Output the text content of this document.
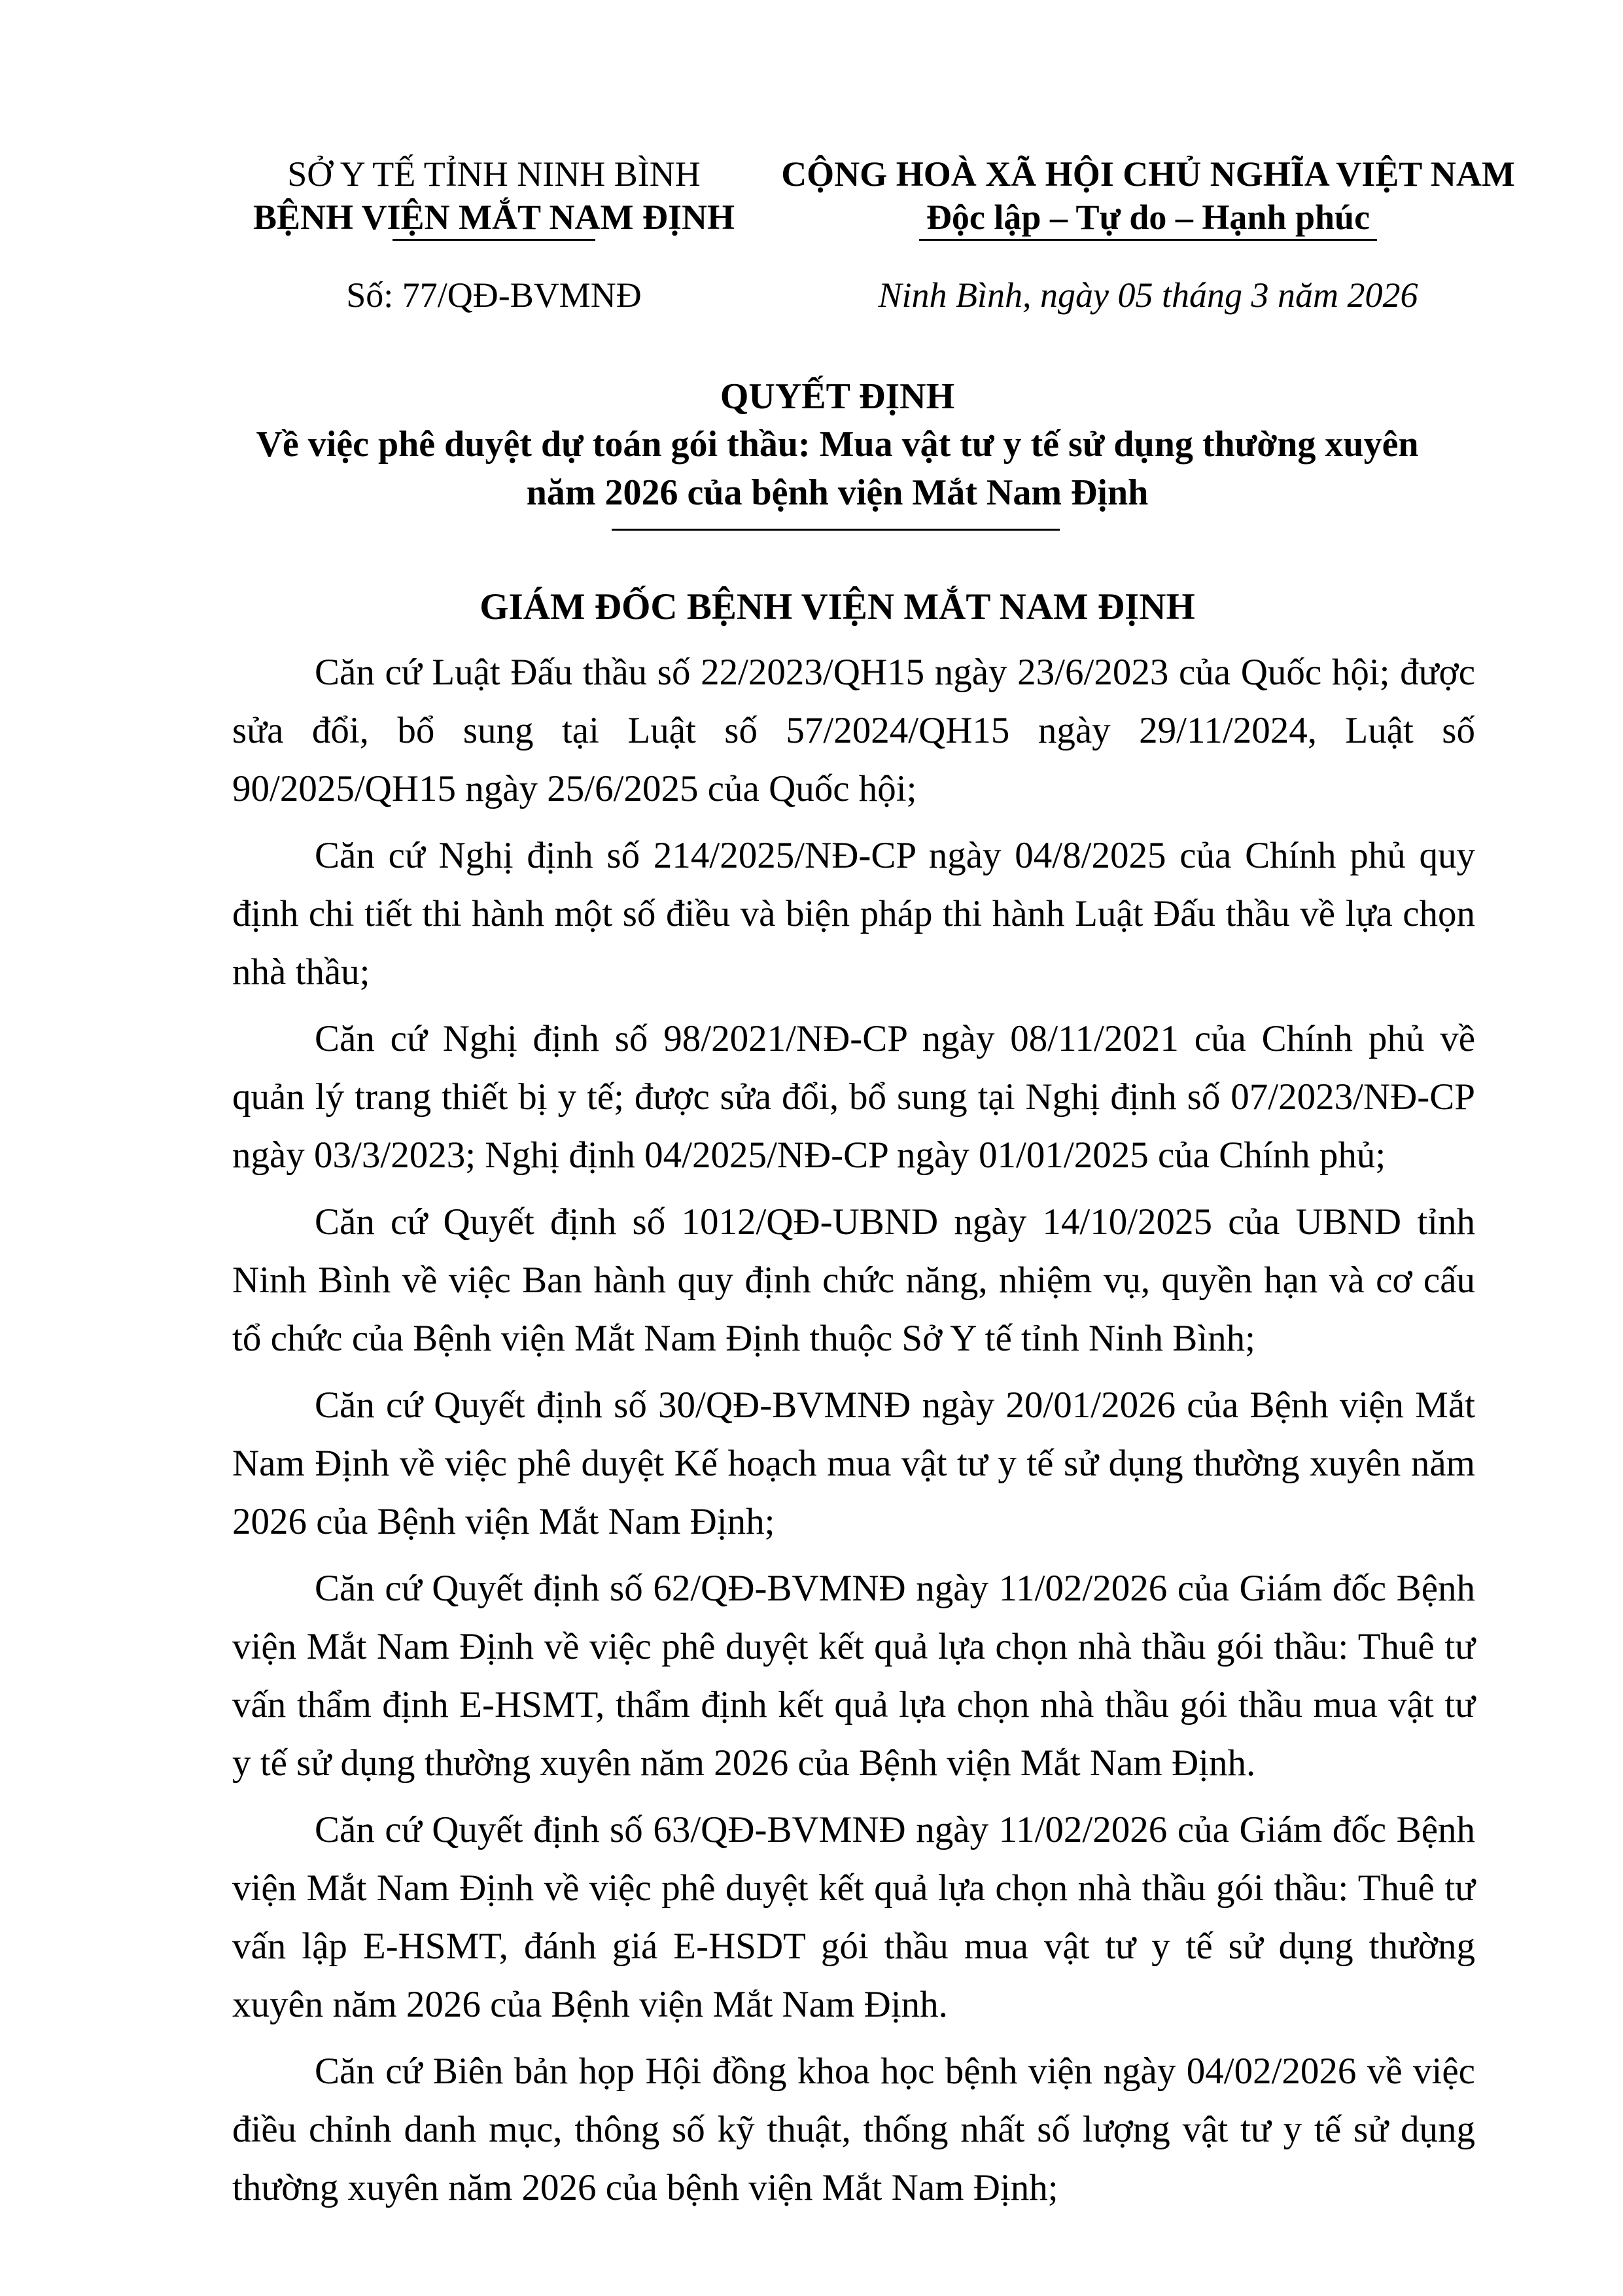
SỞ Y TẾ TỈNH NINH BÌNH
BỆNH VIỆN MẮT NAM ĐỊNH
CỘNG HOÀ XÃ HỘI CHỦ NGHĨA VIỆT NAM
Độc lập – Tự do – Hạnh phúc
Số: 77/QĐ-BVMNĐ	Ninh Bình, ngày 05 tháng 3 năm 2026
QUYẾT ĐỊNH
Về việc phê duyệt dự toán gói thầu: Mua vật tư y tế sử dụng thường xuyên
năm 2026 của bệnh viện Mắt Nam Định
GIÁM ĐỐC BỆNH VIỆN MẮT NAM ĐỊNH

Căn cứ Luật Đấu thầu số 22/2023/QH15 ngày 23/6/2023 của Quốc hội; được sửa đổi, bổ sung tại Luật số 57/2024/QH15 ngày 29/11/2024, Luật số 90/2025/QH15 ngày 25/6/2025 của Quốc hội;

Căn cứ Nghị định số 214/2025/NĐ-CP ngày 04/8/2025 của Chính phủ quy định chi tiết thi hành một số điều và biện pháp thi hành Luật Đấu thầu về lựa chọn nhà thầu;

Căn cứ Nghị định số 98/2021/NĐ-CP ngày 08/11/2021 của Chính phủ về quản lý trang thiết bị y tế; được sửa đổi, bổ sung tại Nghị định số 07/2023/NĐ-CP ngày 03/3/2023; Nghị định 04/2025/NĐ-CP ngày 01/01/2025 của Chính phủ;

Căn cứ Quyết định số 1012/QĐ-UBND ngày 14/10/2025 của UBND tỉnh Ninh Bình về việc Ban hành quy định chức năng, nhiệm vụ, quyền hạn và cơ cấu tổ chức của Bệnh viện Mắt Nam Định thuộc Sở Y tế tỉnh Ninh Bình;

Căn cứ Quyết định số 30/QĐ-BVMNĐ ngày 20/01/2026 của Bệnh viện Mắt Nam Định về việc phê duyệt Kế hoạch mua vật tư y tế sử dụng thường xuyên năm 2026 của Bệnh viện Mắt Nam Định;

Căn cứ Quyết định số 62/QĐ-BVMNĐ ngày 11/02/2026 của Giám đốc Bệnh viện Mắt Nam Định về việc phê duyệt kết quả lựa chọn nhà thầu gói thầu: Thuê tư vấn thẩm định E-HSMT, thẩm định kết quả lựa chọn nhà thầu gói thầu mua vật tư y tế sử dụng thường xuyên năm 2026 của Bệnh viện Mắt Nam Định.

Căn cứ Quyết định số 63/QĐ-BVMNĐ ngày 11/02/2026 của Giám đốc Bệnh viện Mắt Nam Định về việc phê duyệt kết quả lựa chọn nhà thầu gói thầu: Thuê tư vấn lập E-HSMT, đánh giá E-HSDT gói thầu mua vật tư y tế sử dụng thường xuyên năm 2026 của Bệnh viện Mắt Nam Định.

Căn cứ Biên bản họp Hội đồng khoa học bệnh viện ngày 04/02/2026 về việc điều chỉnh danh mục, thông số kỹ thuật, thống nhất số lượng vật tư y tế sử dụng thường xuyên năm 2026 của bệnh viện Mắt Nam Định;
